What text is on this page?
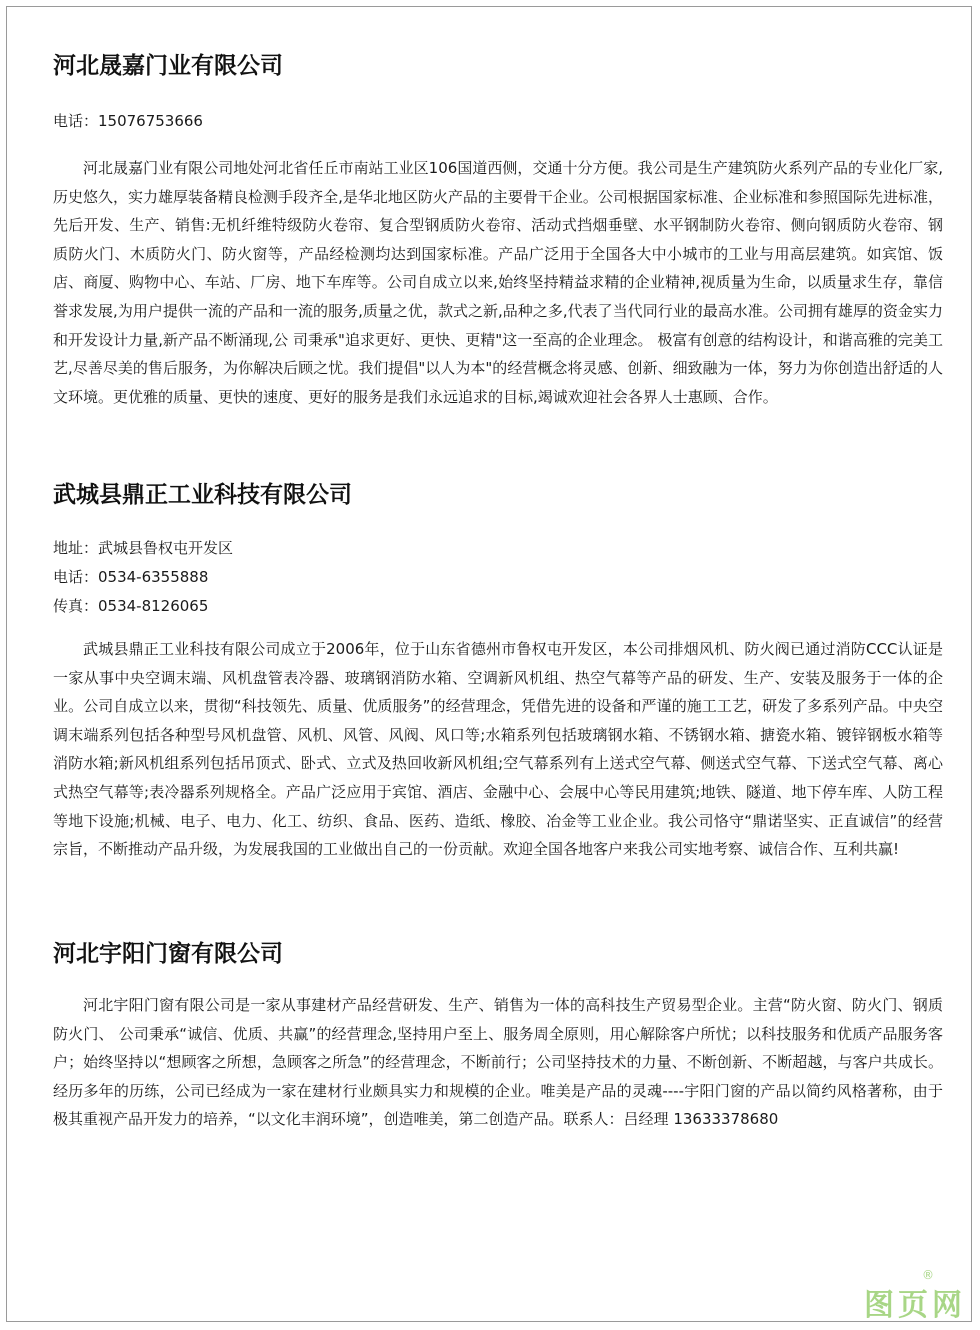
河北晟嘉门业有限公司

电话：15076753666

河北晟嘉门业有限公司地处河北省任丘市南站工业区106国道西侧，交通十分方便。我公司是生产建筑防火系列产品的专业化厂家,历史悠久，实力雄厚装备精良检测手段齐全,是华北地区防火产品的主要骨干企业。公司根据国家标准、企业标准和参照国际先进标准，先后开发、生产、销售:无机纤维特级防火卷帘、复合型钢质防火卷帘、活动式挡烟垂壁、水平钢制防火卷帘、侧向钢质防火卷帘、钢质防火门、木质防火门、防火窗等，产品经检测均达到国家标准。产品广泛用于全国各大中小城市的工业与用高层建筑。如宾馆、饭店、商厦、购物中心、车站、厂房、地下车库等。公司自成立以来,始终坚持精益求精的企业精神,视质量为生命，以质量求生存，靠信誉求发展,为用户提供一流的产品和一流的服务,质量之优，款式之新,品种之多,代表了当代同行业的最高水准。公司拥有雄厚的资金实力和开发设计力量,新产品不断涌现,公 司秉承"追求更好、更快、更精"这一至高的企业理念。 极富有创意的结构设计，和谐高雅的完美工艺,尽善尽美的售后服务，为你解决后顾之忧。我们提倡"以人为本"的经营概念将灵感、创新、细致融为一体，努力为你创造出舒适的人文环境。更优雅的质量、更快的速度、更好的服务是我们永远追求的目标,竭诚欢迎社会各界人士惠顾、合作。

武城县鼎正工业科技有限公司

地址：武城县鲁权屯开发区

电话：0534-6355888

传真：0534-8126065

武城县鼎正工业科技有限公司成立于2006年，位于山东省德州市鲁权屯开发区，本公司排烟风机、防火阀已通过消防CCC认证是一家从事中央空调末端、风机盘管表冷器、玻璃钢消防水箱、空调新风机组、热空气幕等产品的研发、生产、安装及服务于一体的企业。公司自成立以来，贯彻“科技领先、质量、优质服务”的经营理念，凭借先进的设备和严谨的施工工艺，研发了多系列产品。中央空调末端系列包括各种型号风机盘管、风机、风管、风阀、风口等;水箱系列包括玻璃钢水箱、不锈钢水箱、搪瓷水箱、镀锌钢板水箱等消防水箱;新风机组系列包括吊顶式、卧式、立式及热回收新风机组;空气幕系列有上送式空气幕、侧送式空气幕、下送式空气幕、离心式热空气幕等;表冷器系列规格全。产品广泛应用于宾馆、酒店、金融中心、会展中心等民用建筑;地铁、隧道、地下停车库、人防工程等地下设施;机械、电子、电力、化工、纺织、食品、医药、造纸、橡胶、冶金等工业企业。我公司恪守“鼎诺坚实、正直诚信”的经营宗旨，不断推动产品升级，为发展我国的工业做出自己的一份贡献。欢迎全国各地客户来我公司实地考察、诚信合作、互利共赢!

河北宇阳门窗有限公司

河北宇阳门窗有限公司是一家从事建材产品经营研发、生产、销售为一体的高科技生产贸易型企业。主营“防火窗、防火门、钢质防火门、 公司秉承“诚信、优质、共赢”的经营理念,坚持用户至上、服务周全原则，用心解除客户所忧；以科技服务和优质产品服务客户；始终坚持以“想顾客之所想，急顾客之所急”的经营理念，不断前行；公司坚持技术的力量、不断创新、不断超越，与客户共成长。经历多年的历练，公司已经成为一家在建材行业颇具实力和规模的企业。唯美是产品的灵魂----宇阳门窗的产品以简约风格著称，由于极其重视产品开发力的培养，“以文化丰润环境”，创造唯美，第二创造产品。联系人：吕经理 13633378680

图页网
®
